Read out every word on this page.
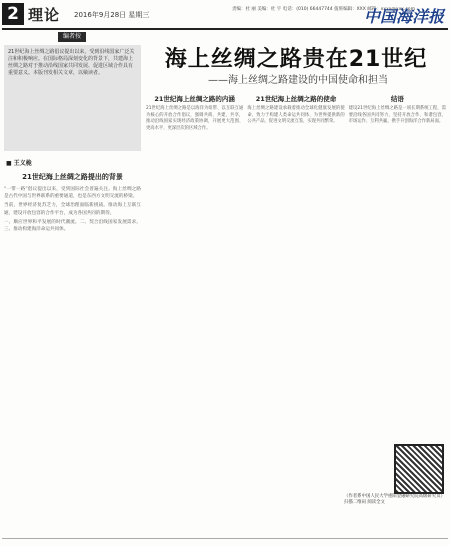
2 理论 2016年9月28日 星期三
责编：杜 丽 美编：杜 宇 电话：(010) 66447744 值班编辑：XXX 邮箱：xxxx@xxx.com
中国海洋报
编者按
21世纪海上丝绸之路倡议提出以来，受到沿线国家广泛关注和积极响应。在国际格局深刻变化的背景下，共建海上丝绸之路对于推动沿线国家共同发展、促进区域合作具有重要意义。本版刊发相关文章，以飨读者。
■ 王义桅
21世纪海上丝绸之路提出的背景

“一带一路”倡议提出以来，受到国际社会普遍关注。海上丝绸之路是古代中国与世界联系的重要通道，也是东西方文明交流的桥梁。

当前，世界经济复苏乏力，全球治理面临新挑战。推动海上互联互通，建设开放包容的合作平台，成为各国共同的期待。

一、顺应世界和平发展的时代潮流。二、契合沿线国家发展需求。三、推动构建海洋命运共同体。

海上丝绸之路贵在21世纪
——海上丝绸之路建设的中国使命和担当
21世纪海上丝绸之路的内涵

21世纪海上丝绸之路是以海洋为纽带、以互联互通为核心的开放合作倡议，强调共商、共建、共享，推动沿线国家实现经济政策协调，开展更大范围、更高水平、更深层次的区域合作。

21世纪海上丝绸之路的使命

海上丝绸之路建设承载着推动全球化健康发展的使命，致力于构建人类命运共同体，为世界提供新的公共产品，促进文明交流互鉴，实现共同繁荣。

结语

建设21世纪海上丝绸之路是一项长期系统工程，需要沿线各国共同努力，坚持开放合作、和谐包容、市场运作、互利共赢，携手开创海洋合作新局面。

（作者系中国人民大学重阳金融研究院高级研究员）扫描二维码 阅读全文
